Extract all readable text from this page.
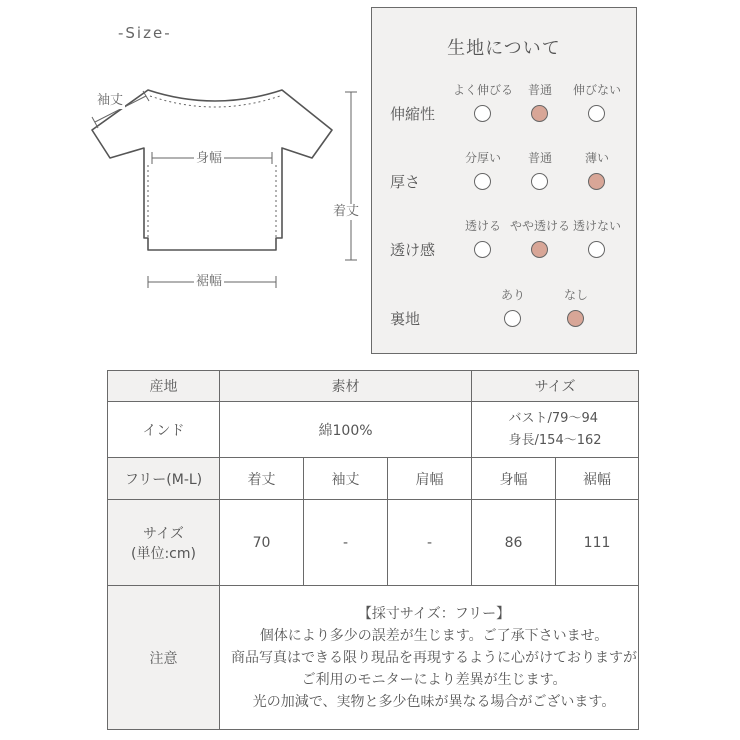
-Size-
袖丈
身幅
着丈
裾幅
生地について
伸縮性
よく伸びる	普通	伸びない
厚さ
分厚い	普通	薄い
透け感
透ける やや透ける 透けない
裏地
あり	なし
産地	素材			サイズ	
インド	綿100%			バスト/79～94
身長/154～162	

フリー(M-L)	着丈	袖丈	肩幅	身幅	裾幅

サイズ
(単位:cm)	70	-	-	86	111
注意	【採寸サイズ：フリー】
個体により多少の誤差が生じます。ご了承下さいませ。
商品写真はできる限り現品を再現するように心がけておりますが
ご利用のモニターにより差異が生じます。
光の加減で、実物と多少色味が異なる場合がございます。				
